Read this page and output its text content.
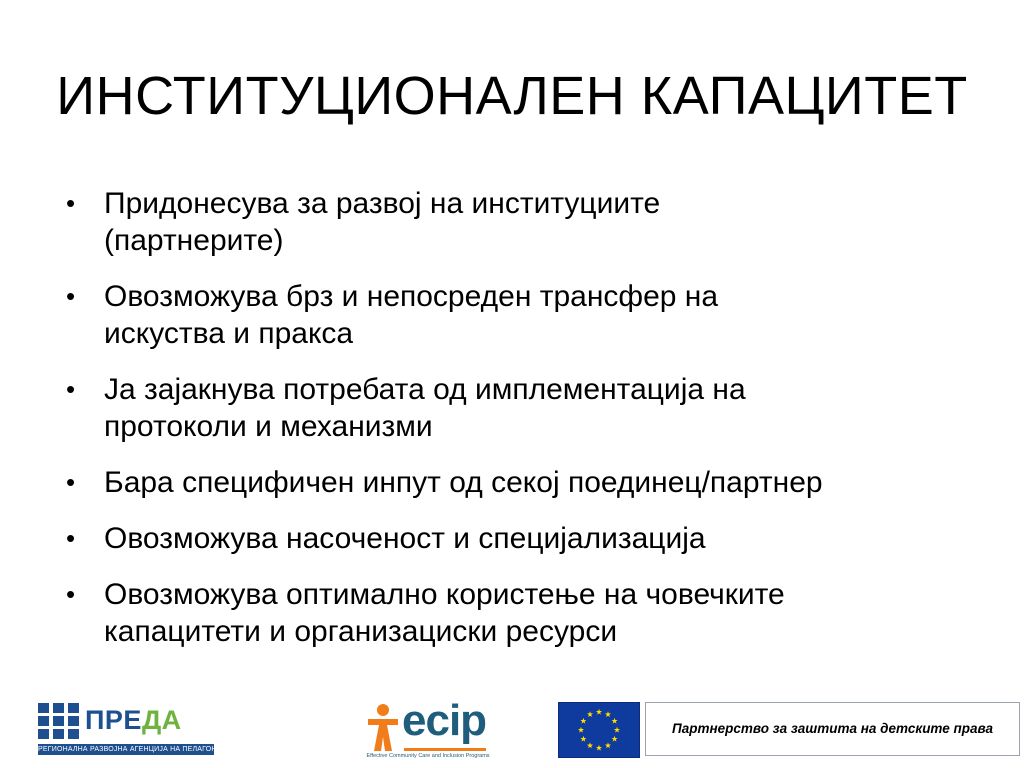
ИНСТИТУЦИОНАЛЕН КАПАЦИТЕТ
• Придонесува за развој на институциите
(партнерите)
• Овозможува брз и непосреден трансфер на
искуства и пракса
• Ја зајакнува потребата од имплементација на
протоколи и механизми
• Бара специфичен инпут од секој поединец/партнер
• Овозможува насоченост и специјализација
• Овозможува оптимално користење на човечките
капацитети и организациски ресурси
ПРЕДА
РЕГИОНАЛНА РАЗВОЈНА АГЕНЦИЈА НА ПЕЛАГОНИЈА-ПРЕДА
ecip
Effective Community Care and Inclusion Programs
Партнерство за заштита на детските права
